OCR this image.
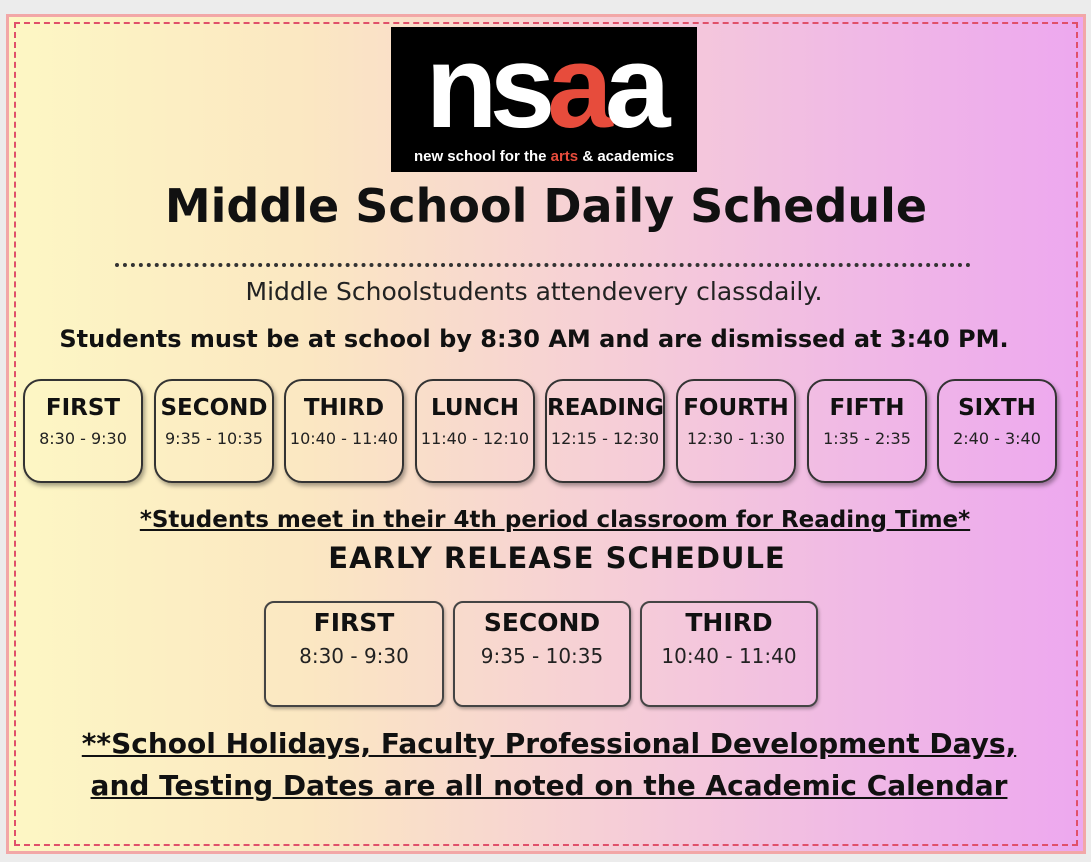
nsaa
new school for the arts & academics
Middle School Daily Schedule
Middle Schoolstudents attendevery classdaily.
Students must be at school by 8:30 AM and are dismissed at 3:40 PM.
FIRST
8:30 - 9:30
SECOND
9:35 - 10:35
THIRD
10:40 - 11:40
LUNCH
11:40 - 12:10
READING
12:15 - 12:30
FOURTH
12:30 - 1:30
FIFTH
1:35 - 2:35
SIXTH
2:40 - 3:40
*Students meet in their 4th period classroom for Reading Time*
EARLY RELEASE SCHEDULE
FIRST
8:30 - 9:30
SECOND
9:35 - 10:35
THIRD
10:40 - 11:40
**School Holidays, Faculty Professional Development Days,
and Testing Dates are all noted on the Academic Calendar
